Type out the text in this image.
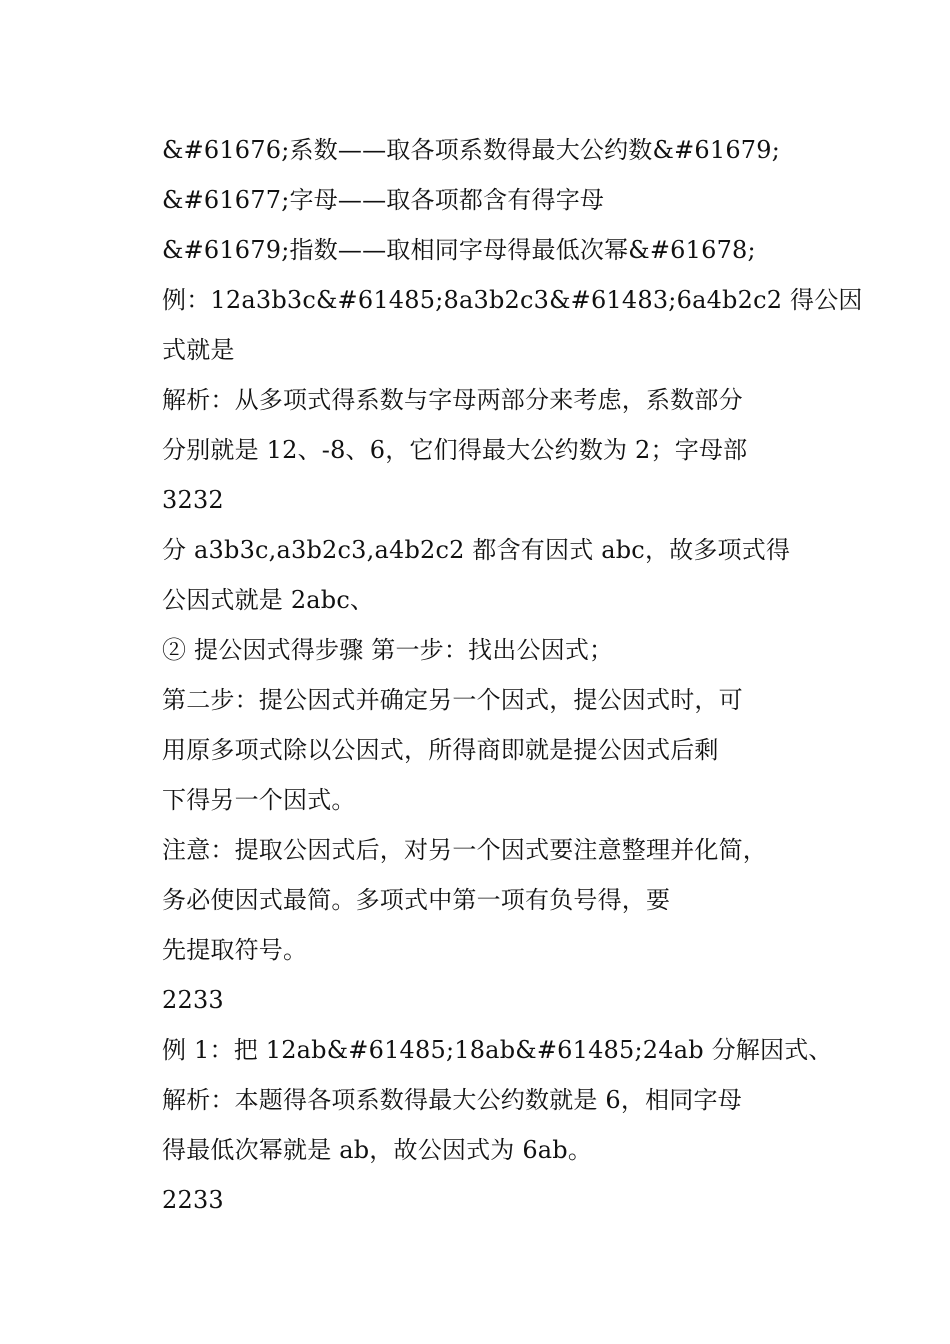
&#61676;系数——取各项系数得最大公约数&#61679;
&#61677;字母——取各项都含有得字母
&#61679;指数——取相同字母得最低次幂&#61678;
例：12a3b3c&#61485;8a3b2c3&#61483;6a4b2c2 得公因
式就是
解析：从多项式得系数与字母两部分来考虑，系数部分
分别就是 12、-8、6，它们得最大公约数为 2；字母部
3232
分 a3b3c,a3b2c3,a4b2c2 都含有因式 abc，故多项式得
公因式就是 2abc、
② 提公因式得步骤 第一步：找出公因式；
第二步：提公因式并确定另一个因式，提公因式时，可
用原多项式除以公因式，所得商即就是提公因式后剩
下得另一个因式。
注意：提取公因式后，对另一个因式要注意整理并化简，
务必使因式最简。多项式中第一项有负号得，要
先提取符号。
2233
例 1：把 12ab&#61485;18ab&#61485;24ab 分解因式、
解析：本题得各项系数得最大公约数就是 6，相同字母
得最低次幂就是 ab，故公因式为 6ab。
2233
